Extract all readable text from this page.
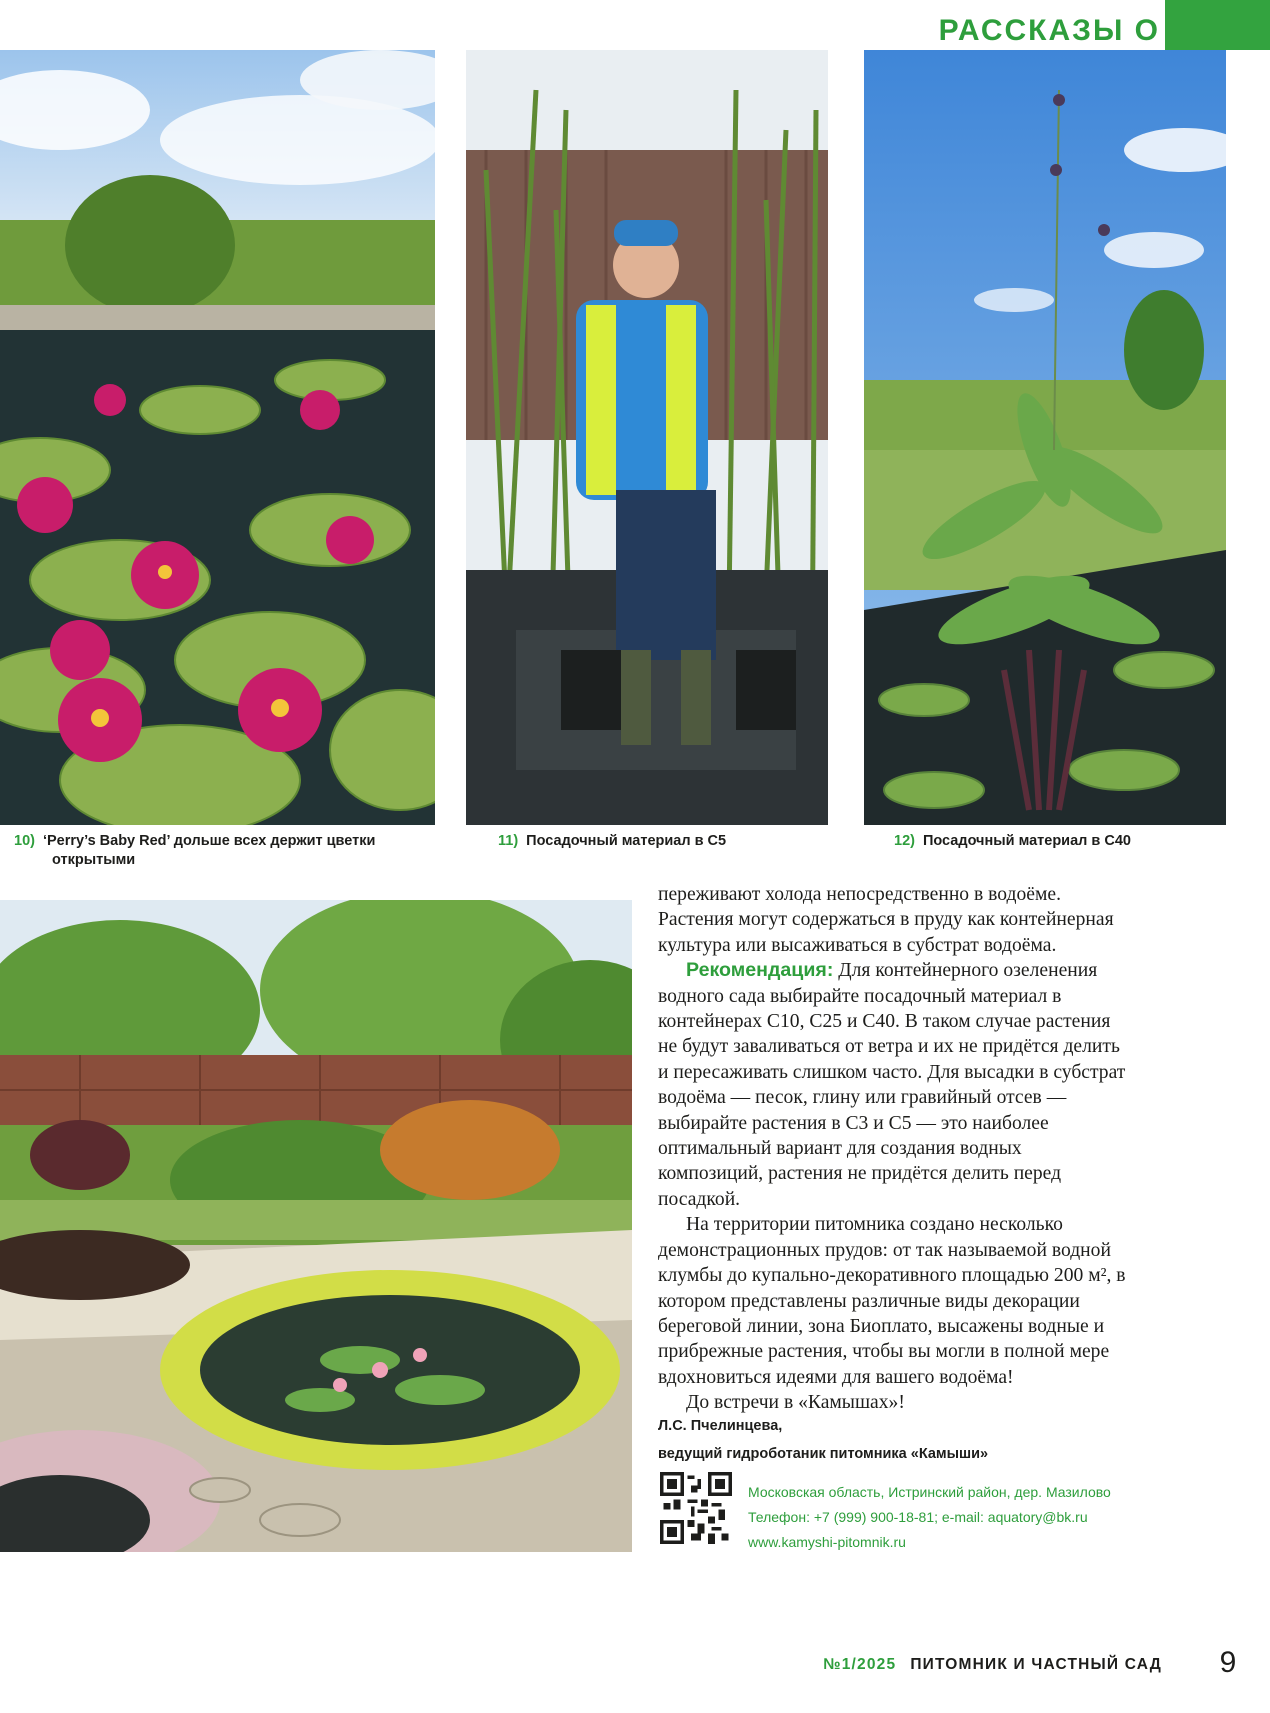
РАССКАЗЫ О
10) ‘Perry’s Baby Red’ дольше всех держит цветки
открытыми
11) Посадочный материал в С5	12) Посадочный материал в С40

переживают холода непосредственно в водоёме. Растения могут содержаться в пруду как контейнерная культура или высаживаться в субстрат водоёма.

Рекомендация: Для контейнерного озеленения водного сада выбирайте посадочный материал в контейнерах С10, С25 и С40. В таком случае растения не будут заваливаться от ветра и их не придётся делить и пересаживать слишком часто. Для высадки в субстрат водоёма — песок, глину или гравийный отсев — выбирайте растения в С3 и С5 — это наиболее оптимальный вариант для создания водных композиций, растения не придётся делить перед посадкой.

На территории питомника создано несколько демонстрационных прудов: от так называемой водной клумбы до купально-декоративного площадью 200 м², в котором представлены различные виды декорации береговой линии, зона Биоплато, высажены водные и прибрежные растения, чтобы вы могли в полной мере вдохновиться идеями для вашего водоёма!

До встречи в «Камышах»!

Л.С. Пчелинцева,
ведущий гидроботаник питомника «Камыши»
Московская область, Истринский район, дер. Мазилово
Телефон: +7 (999) 900-18-81; e-mail: aquatory@bk.ru
www.kamyshi-pitomnik.ru
№1/2025 ПИТОМНИК И ЧАСТНЫЙ САД	9
